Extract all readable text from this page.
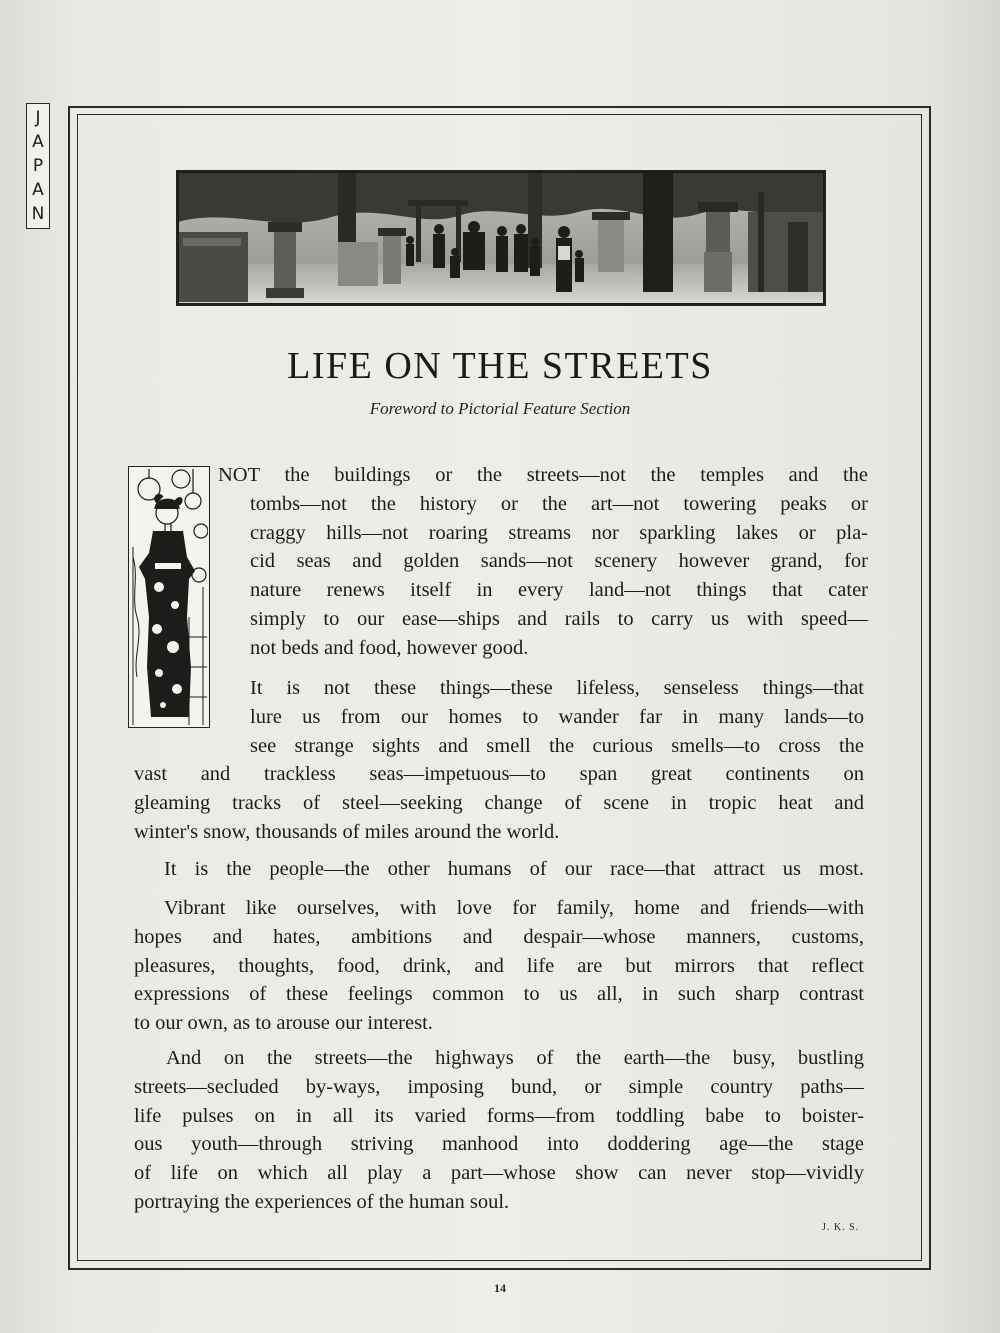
J
A
P
A
N
LIFE ON THE STREETS
Foreword to Pictorial Feature Section

NOT the buildings or the streets—not the temples and the
tombs—not the history or the art—not towering peaks or
craggy hills—not roaring streams nor sparkling lakes or pla-
cid seas and golden sands—not scenery however grand, for
nature renews itself in every land—not things that cater
simply to our ease—ships and rails to carry us with speed—
not beds and food, however good.

It is not these things—these lifeless, senseless things—that
lure us from our homes to wander far in many lands—to
see strange sights and smell the curious smells—to cross the
vast and trackless seas—impetuous—to span great continents on
gleaming tracks of steel—seeking change of scene in tropic heat and
winter's snow, thousands of miles around the world.

It is the people—the other humans of our race—that attract us most.

Vibrant like ourselves, with love for family, home and friends—with
hopes and hates, ambitions and despair—whose manners, customs,
pleasures, thoughts, food, drink, and life are but mirrors that reflect
expressions of these feelings common to us all, in such sharp contrast
to our own, as to arouse our interest.

And on the streets—the highways of the earth—the busy, bustling
streets—secluded by-ways, imposing bund, or simple country paths—
life pulses on in all its varied forms—from toddling babe to boister-
ous youth—through striving manhood into doddering age—the stage
of life on which all play a part—whose show can never stop—vividly
portraying the experiences of the human soul.

J. K. S.
14
